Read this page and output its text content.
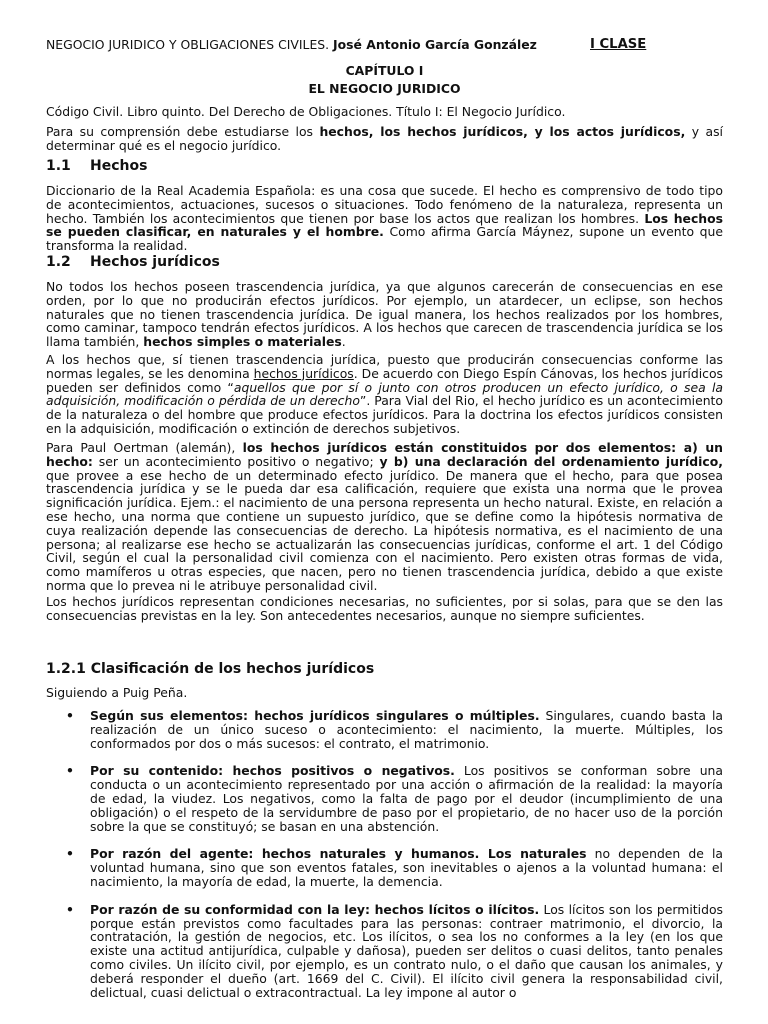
NEGOCIO JURIDICO Y OBLIGACIONES CIVILES. José Antonio García González	I CLASE
CAPÍTULO I
EL NEGOCIO JURIDICO

Código Civil. Libro quinto. Del Derecho de Obligaciones. Título I: El Negocio Jurídico.

Para su comprensión debe estudiarse los hechos, los hechos jurídicos, y los actos jurídicos, y así determinar qué es el negocio jurídico.

1.1 Hechos

Diccionario de la Real Academia Española: es una cosa que sucede. El hecho es comprensivo de todo tipo de acontecimientos, actuaciones, sucesos o situaciones. Todo fenómeno de la naturaleza, representa un hecho. También los acontecimientos que tienen por base los actos que realizan los hombres. Los hechos se pueden clasificar, en naturales y el hombre. Como afirma García Máynez, supone un evento que transforma la realidad.

1.2 Hechos jurídicos

No todos los hechos poseen trascendencia jurídica, ya que algunos carecerán de consecuencias en ese orden, por lo que no producirán efectos jurídicos. Por ejemplo, un atardecer, un eclipse, son hechos naturales que no tienen trascendencia jurídica. De igual manera, los hechos realizados por los hombres, como caminar, tampoco tendrán efectos jurídicos. A los hechos que carecen de trascendencia jurídica se los llama también, hechos simples o materiales.

A los hechos que, sí tienen trascendencia jurídica, puesto que producirán consecuencias conforme las normas legales, se les denomina hechos jurídicos. De acuerdo con Diego Espín Cánovas, los hechos jurídicos pueden ser definidos como “aquellos que por sí o junto con otros producen un efecto jurídico, o sea la adquisición, modificación o pérdida de un derecho”. Para Vial del Rio, el hecho jurídico es un acontecimiento de la naturaleza o del hombre que produce efectos jurídicos. Para la doctrina los efectos jurídicos consisten en la adquisición, modificación o extinción de derechos subjetivos.

Para Paul Oertman (alemán), los hechos jurídicos están constituidos por dos elementos: a) un hecho: ser un acontecimiento positivo o negativo; y b) una declaración del ordenamiento jurídico, que provee a ese hecho de un determinado efecto jurídico. De manera que el hecho, para que posea trascendencia jurídica y se le pueda dar esa calificación, requiere que exista una norma que le provea significación jurídica. Ejem.: el nacimiento de una persona representa un hecho natural. Existe, en relación a ese hecho, una norma que contiene un supuesto jurídico, que se define como la hipótesis normativa de cuya realización depende las consecuencias de derecho. La hipótesis normativa, es el nacimiento de una persona; al realizarse ese hecho se actualizarán las consecuencias jurídicas, conforme el art. 1 del Código Civil, según el cual la personalidad civil comienza con el nacimiento. Pero existen otras formas de vida, como mamíferos u otras especies, que nacen, pero no tienen trascendencia jurídica, debido a que existe norma que lo prevea ni le atribuye personalidad civil.

Los hechos jurídicos representan condiciones necesarias, no suficientes, por si solas, para que se den las consecuencias previstas en la ley. Son antecedentes necesarios, aunque no siempre suficientes.

1.2.1 Clasificación de los hechos jurídicos

Siguiendo a Puig Peña.

• Según sus elementos: hechos jurídicos singulares o múltiples. Singulares, cuando basta la realización de un único suceso o acontecimiento: el nacimiento, la muerte. Múltiples, los conformados por dos o más sucesos: el contrato, el matrimonio.
• Por su contenido: hechos positivos o negativos. Los positivos se conforman sobre una conducta o un acontecimiento representado por una acción o afirmación de la realidad: la mayoría de edad, la viudez. Los negativos, como la falta de pago por el deudor (incumplimiento de una obligación) o el respeto de la servidumbre de paso por el propietario, de no hacer uso de la porción sobre la que se constituyó; se basan en una abstención.
• Por razón del agente: hechos naturales y humanos. Los naturales no dependen de la voluntad humana, sino que son eventos fatales, son inevitables o ajenos a la voluntad humana: el nacimiento, la mayoría de edad, la muerte, la demencia.
• Por razón de su conformidad con la ley: hechos lícitos o ilícitos. Los lícitos son los permitidos porque están previstos como facultades para las personas: contraer matrimonio, el divorcio, la contratación, la gestión de negocios, etc. Los ilícitos, o sea los no conformes a la ley (en los que existe una actitud antijurídica, culpable y dañosa), pueden ser delitos o cuasi delitos, tanto penales como civiles. Un ilícito civil, por ejemplo, es un contrato nulo, o el daño que causan los animales, y deberá responder el dueño (art. 1669 del C. Civil). El ilícito civil genera la responsabilidad civil, delictual, cuasi delictual o extracontractual. La ley impone al autor o
